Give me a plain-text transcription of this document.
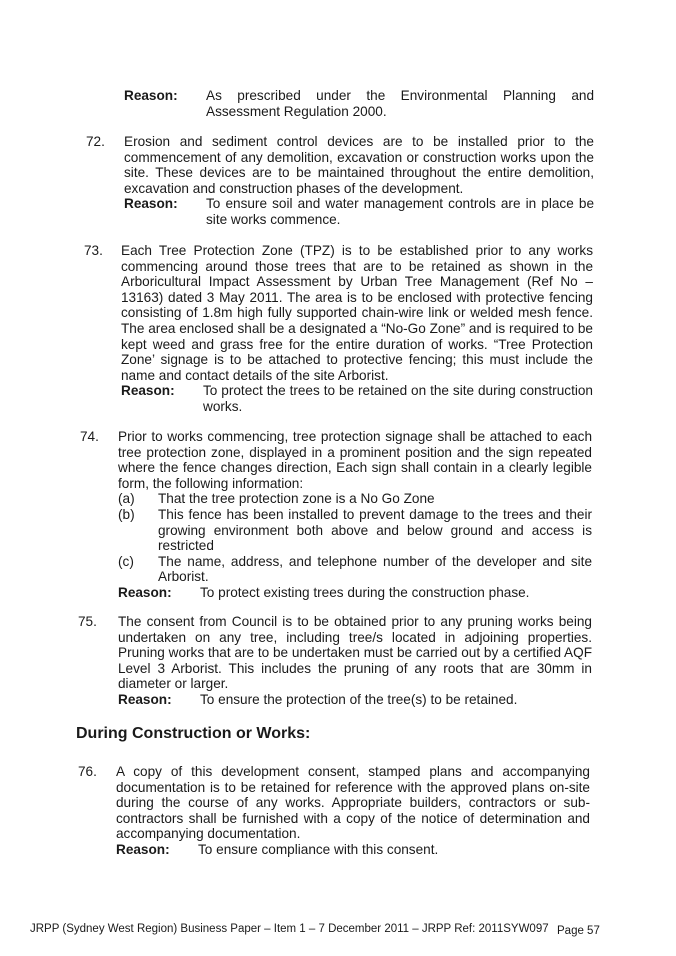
Reason:	As prescribed under the Environmental Planning and Assessment Regulation 2000.
72. Erosion and sediment control devices are to be installed prior to the commencement of any demolition, excavation or construction works upon the site. These devices are to be maintained throughout the entire demolition, excavation and construction phases of the development.
Reason:	To ensure soil and water management controls are in place be site works commence.
73. Each Tree Protection Zone (TPZ) is to be established prior to any works commencing around those trees that are to be retained as shown in the Arboricultural Impact Assessment by Urban Tree Management (Ref No – 13163) dated 3 May 2011. The area is to be enclosed with protective fencing consisting of 1.8m high fully supported chain-wire link or welded mesh fence. The area enclosed shall be a designated a “No-Go Zone” and is required to be kept weed and grass free for the entire duration of works. “Tree Protection Zone’ signage is to be attached to protective fencing; this must include the name and contact details of the site Arborist.
Reason:	To protect the trees to be retained on the site during construction works.
74. Prior to works commencing, tree protection signage shall be attached to each tree protection zone, displayed in a prominent position and the sign repeated where the fence changes direction, Each sign shall contain in a clearly legible form, the following information:
(a)	That the tree protection zone is a No Go Zone
(b)	This fence has been installed to prevent damage to the trees and their growing environment both above and below ground and access is restricted
(c)	The name, address, and telephone number of the developer and site Arborist.
Reason:	To protect existing trees during the construction phase.
75. The consent from Council is to be obtained prior to any pruning works being undertaken on any tree, including tree/s located in adjoining properties. Pruning works that are to be undertaken must be carried out by a certified AQF Level 3 Arborist. This includes the pruning of any roots that are 30mm in diameter or larger.
Reason:	To ensure the protection of the tree(s) to be retained.
During Construction or Works:
76. A copy of this development consent, stamped plans and accompanying documentation is to be retained for reference with the approved plans on-site during the course of any works. Appropriate builders, contractors or sub-contractors shall be furnished with a copy of the notice of determination and accompanying documentation.
Reason:	To ensure compliance with this consent.
JRPP (Sydney West Region) Business Paper – Item 1 – 7 December 2011 – JRPP Ref: 2011SYW097 Page 57
